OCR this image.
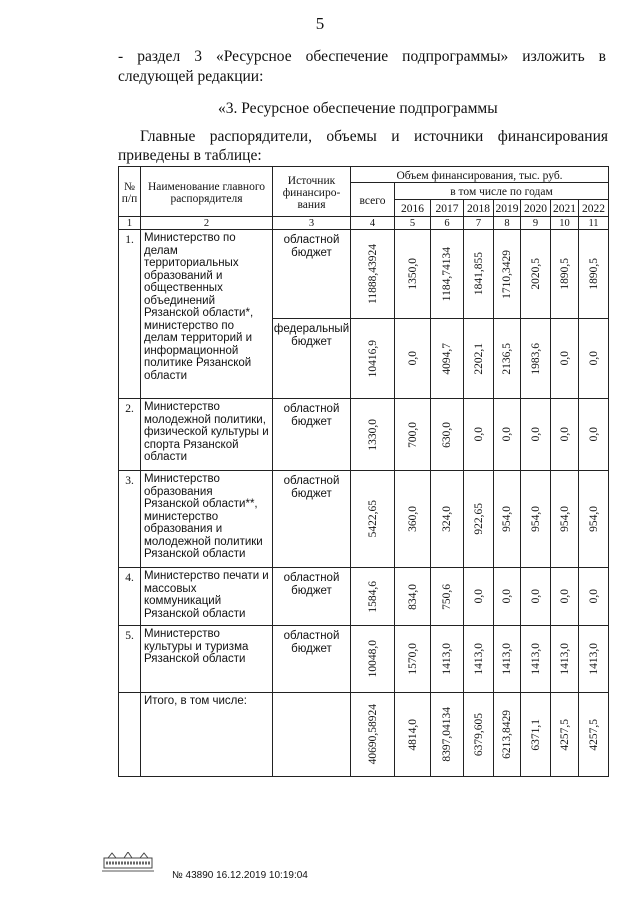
5
- раздел 3 «Ресурсное обеспечение подпрограммы» изложить в
следующей редакции:
«3. Ресурсное обеспечение подпрограммы
Главные распорядители, объемы и источники финансирования
приведены в таблице:
№ п/п	Наименование главного распорядителя	Источник финансиро-вания	Объем финансирования, тыс. руб.							
			всего	в том числе по годам						
				2016	2017	2018	2019	2020	2021	2022
1	2	3	4	5	6	7	8	9	10	11
1.	Министерство по делам территориальных образований и общественных объединений Рязанской области*, министерство по делам территорий и информационной политике Рязанской области	областной бюджет	11888,43924	1350,0	1184,74134	1841,855	1710,3429	2020,5	1890,5	1890,5

		федеральный бюджет	10416,9	0,0	4094,7	2202,1	2136,5	1983,6	0,0	0,0

2.	Министерство молодежной политики, физической культуры и спорта Рязанской области	областной бюджет	1330,0	700,0	630,0	0,0	0,0	0,0	0,0	0,0

3.	Министерство образования Рязанской области**, министерство образования и молодежной политики Рязанской области	областной бюджет	5422,65	360,0	324,0	922,65	954,0	954,0	954,0	954,0

4.	Министерство печати и массовых коммуникаций Рязанской области	областной бюджет	1584,6	834,0	750,6	0,0	0,0	0,0	0,0	0,0

5.	Министерство культуры и туризма Рязанской области	областной бюджет	10048,0	1570,0	1413,0	1413,0	1413,0	1413,0	1413,0	1413,0

	Итого, в том числе:		40690,58924	4814,0	8397,04134	6379,605	6213,8429	6371,1	4257,5	4257,5
№ 43890 16.12.2019 10:19:04
